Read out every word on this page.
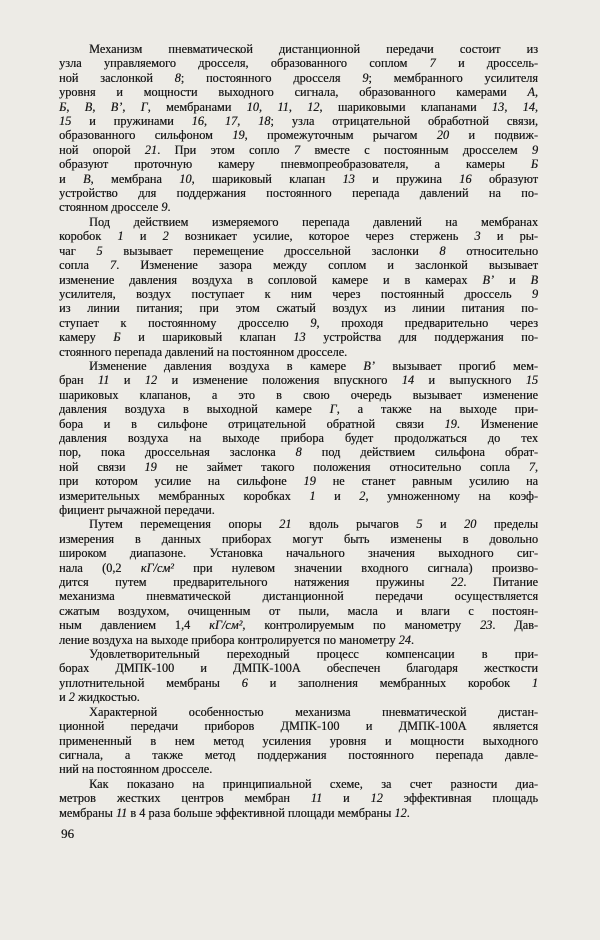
Механизм пневматической дистанционной передачи состоит из
узла управляемого дросселя, образованного соплом 7 и дроссель-
ной заслонкой 8; постоянного дросселя 9; мембранного усилителя
уровня и мощности выходного сигнала, образованного камерами А,
Б, В, В’, Г, мембранами 10, 11, 12, шариковыми клапанами 13, 14,
15 и пружинами 16, 17, 18; узла отрицательной обработной связи,
образованного сильфоном 19, промежуточным рычагом 20 и подвиж-
ной опорой 21. При этом сопло 7 вместе с постоянным дросселем 9
образуют проточную камеру пневмопреобразователя, а камеры Б
и В, мембрана 10, шариковый клапан 13 и пружина 16 образуют
устройство для поддержания постоянного перепада давлений на по-
стоянном дросселе 9.
Под действием измеряемого перепада давлений на мембранах
коробок 1 и 2 возникает усилие, которое через стержень 3 и ры-
чаг 5 вызывает перемещение дроссельной заслонки 8 относительно
сопла 7. Изменение зазора между соплом и заслонкой вызывает
изменение давления воздуха в сопловой камере и в камерах В’ и В
усилителя, воздух поступает к ним через постоянный дроссель 9
из линии питания; при этом сжатый воздух из линии питания по-
ступает к постоянному дросселю 9, проходя предварительно через
камеру Б и шариковый клапан 13 устройства для поддержания по-
стоянного перепада давлений на постоянном дросселе.
Изменение давления воздуха в камере В’ вызывает прогиб мем-
бран 11 и 12 и изменение положения впускного 14 и выпускного 15
шариковых клапанов, а это в свою очередь вызывает изменение
давления воздуха в выходной камере Г, а также на выходе при-
бора и в сильфоне отрицательной обратной связи 19. Изменение
давления воздуха на выходе прибора будет продолжаться до тех
пор, пока дроссельная заслонка 8 под действием сильфона обрат-
ной связи 19 не займет такого положения относительно сопла 7,
при котором усилие на сильфоне 19 не станет равным усилию на
измерительных мембранных коробках 1 и 2, умноженному на коэф-
фициент рычажной передачи.
Путем перемещения опоры 21 вдоль рычагов 5 и 20 пределы
измерения в данных приборах могут быть изменены в довольно
широком диапазоне. Установка начального значения выходного сиг-
нала (0,2 кГ/см² при нулевом значении входного сигнала) произво-
дится путем предварительного натяжения пружины 22. Питание
механизма пневматической дистанционной передачи осуществляется
сжатым воздухом, очищенным от пыли, масла и влаги с постоян-
ным давлением 1,4 кГ/см², контролируемым по манометру 23. Дав-
ление воздуха на выходе прибора контролируется по манометру 24.
Удовлетворительный переходный процесс компенсации в при-
борах ДМПК-100 и ДМПК-100А обеспечен благодаря жесткости
уплотнительной мембраны 6 и заполнения мембранных коробок 1
и 2 жидкостью.
Характерной особенностью механизма пневматической дистан-
ционной передачи приборов ДМПК-100 и ДМПК-100А является
примененный в нем метод усиления уровня и мощности выходного
сигнала, а также метод поддержания постоянного перепада давле-
ний на постоянном дросселе.
Как показано на принципиальной схеме, за счет разности диа-
метров жестких центров мембран 11 и 12 эффективная площадь
мембраны 11 в 4 раза больше эффективной площади мембраны 12.
96
